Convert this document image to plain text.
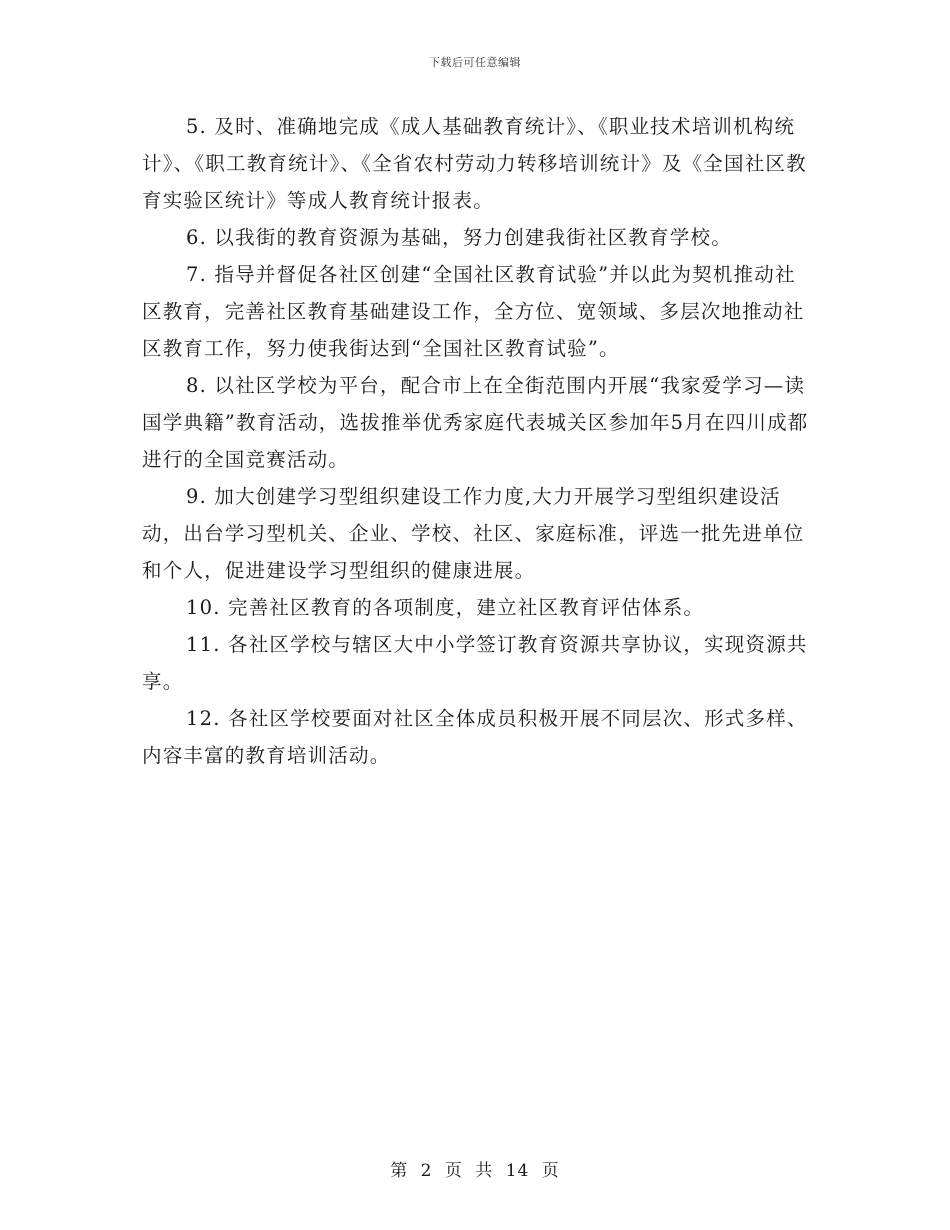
下载后可任意编辑

5. 及时、准确地完成《成人基础教育统计》、《职业技术培训机构统计》、《职工教育统计》、《全省农村劳动力转移培训统计》及《全国社区教育实验区统计》等成人教育统计报表。

6. 以我街的教育资源为基础，努力创建我街社区教育学校。

7. 指导并督促各社区创建“全国社区教育试验”并以此为契机推动社区教育，完善社区教育基础建设工作，全方位、宽领域、多层次地推动社区教育工作，努力使我街达到“全国社区教育试验”。

8. 以社区学校为平台，配合市上在全街范围内开展“我家爱学习—读国学典籍”教育活动，选拔推举优秀家庭代表城关区参加年5月在四川成都进行的全国竞赛活动。

9. 加大创建学习型组织建设工作力度,大力开展学习型组织建设活动，出台学习型机关、企业、学校、社区、家庭标准，评选一批先进单位和个人，促进建设学习型组织的健康进展。

10. 完善社区教育的各项制度，建立社区教育评估体系。

11. 各社区学校与辖区大中小学签订教育资源共享协议，实现资源共享。

12. 各社区学校要面对社区全体成员积极开展不同层次、形式多样、内容丰富的教育培训活动。

第 2 页 共 14 页
